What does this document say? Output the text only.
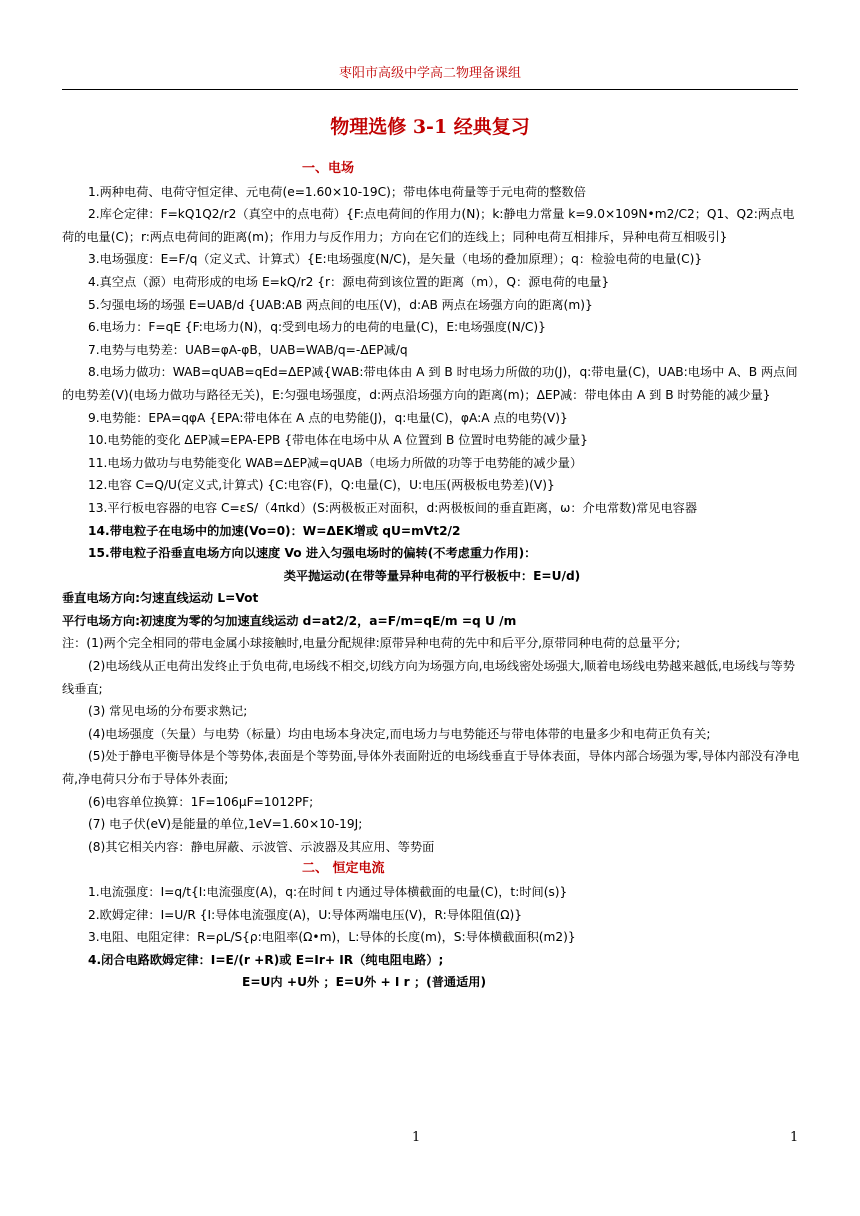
枣阳市高级中学高二物理备课组
物理选修 3-1 经典复习
一、电场
1.两种电荷、电荷守恒定律、元电荷(e=1.60×10-19C)；带电体电荷量等于元电荷的整数倍
2.库仑定律：F=kQ1Q2/r2（真空中的点电荷）{F:点电荷间的作用力(N)；k:静电力常量 k=9.0×109N•m2/C2；Q1、Q2:两点电荷的电量(C)；r:两点电荷间的距离(m)；作用力与反作用力；方向在它们的连线上；同种电荷互相排斥，异种电荷互相吸引}
3.电场强度：E=F/q（定义式、计算式）{E:电场强度(N/C)，是矢量（电场的叠加原理）；q：检验电荷的电量(C)}
4.真空点（源）电荷形成的电场 E=kQ/r2 {r：源电荷到该位置的距离（m），Q：源电荷的电量}
5.匀强电场的场强 E=UAB/d {UAB:AB 两点间的电压(V)，d:AB 两点在场强方向的距离(m)}
6.电场力：F=qE {F:电场力(N)，q:受到电场力的电荷的电量(C)，E:电场强度(N/C)}
7.电势与电势差：UAB=φA-φB，UAB=WAB/q=-ΔEP减/q
8.电场力做功：WAB=qUAB=qEd=ΔEP减{WAB:带电体由 A 到 B 时电场力所做的功(J)，q:带电量(C)，UAB:电场中 A、B 两点间的电势差(V)(电场力做功与路径无关)，E:匀强电场强度，d:两点沿场强方向的距离(m)；ΔEP减：带电体由 A 到 B 时势能的减少量}
9.电势能：EPA=qφA {EPA:带电体在 A 点的电势能(J)，q:电量(C)，φA:A 点的电势(V)}
10.电势能的变化 ΔEP减=EPA-EPB {带电体在电场中从 A 位置到 B 位置时电势能的减少量}
11.电场力做功与电势能变化 WAB=ΔEP减=qUAB（电场力所做的功等于电势能的减少量）
12.电容 C=Q/U(定义式,计算式) {C:电容(F)，Q:电量(C)，U:电压(两极板电势差)(V)}
13.平行板电容器的电容 C=εS/（4πkd）(S:两极板正对面积，d:两极板间的垂直距离，ω：介电常数)常见电容器
14.带电粒子在电场中的加速(Vo=0)：W=ΔEK增或 qU=mVt2/2
15.带电粒子沿垂直电场方向以速度 Vo 进入匀强电场时的偏转(不考虑重力作用)：
类平抛运动(在带等量异种电荷的平行极板中：E=U/d)
垂直电场方向:匀速直线运动 L=Vot
平行电场方向:初速度为零的匀加速直线运动 d=at2/2，a=F/m=qE/m =q U /m
注：(1)两个完全相同的带电金属小球接触时,电量分配规律:原带异种电荷的先中和后平分,原带同种电荷的总量平分;
(2)电场线从正电荷出发终止于负电荷,电场线不相交,切线方向为场强方向,电场线密处场强大,顺着电场线电势越来越低,电场线与等势线垂直;
(3) 常见电场的分布要求熟记;
(4)电场强度（矢量）与电势（标量）均由电场本身决定,而电场力与电势能还与带电体带的电量多少和电荷正负有关;
(5)处于静电平衡导体是个等势体,表面是个等势面,导体外表面附近的电场线垂直于导体表面，导体内部合场强为零,导体内部没有净电荷,净电荷只分布于导体外表面;
(6)电容单位换算：1F=106μF=1012PF;
(7) 电子伏(eV)是能量的单位,1eV=1.60×10-19J;
(8)其它相关内容：静电屏蔽、示波管、示波器及其应用、等势面
二、 恒定电流
1.电流强度：I=q/t{I:电流强度(A)，q:在时间 t 内通过导体横截面的电量(C)，t:时间(s)}
2.欧姆定律：I=U/R {I:导体电流强度(A)，U:导体两端电压(V)，R:导体阻值(Ω)}
3.电阻、电阻定律：R=ρL/S{ρ:电阻率(Ω•m)，L:导体的长度(m)，S:导体横截面积(m2)}
4.闭合电路欧姆定律：I=E/(r +R)或 E=Ir+ IR（纯电阻电路）;
E=U内 +U外 ；E=U外 + I r ；(普通适用)
1	1
